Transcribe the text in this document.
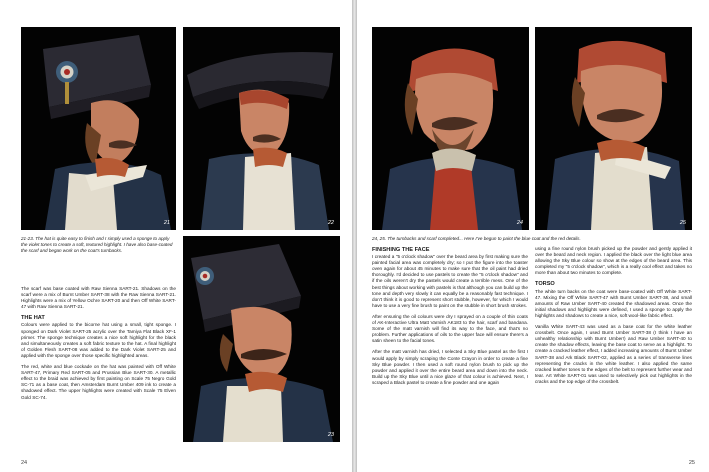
21	22
21-23. The hat is quite easy to finish and I simply used a sponge to apply the violet tones to create a soft, textured highlight. I have also base-coated the scarf and began work on the coat's turnbacks.
23

The scarf was base coated with Raw Sienna SART-21. Shadows on the scarf were a mix of Burnt Umber SART-38 with the Raw Sienna SART-21. Highlights were a mix of Yellow Ochre SART-20 and then Off White SART-47 with Raw Sienna SART-21.

THE HAT

Colours were applied to the bicorne hat using a small, tight sponge. I sponged on Dark Violet SART-25 acrylic over the Tamiya Flat Black XF-1 primer. The sponge technique creates a nice soft highlight for the black and simultaneously creates a soft fabric texture to the hat. A final highlight of Golden Flesh SART-08 was added to the Dark Violet SART-25 and applied with the sponge over those specific highlighted areas.

The red, white and blue cockade on the hat was painted with Off White SART-47, Primary Red SART-05 and Prussian Blue SART-30. A metallic effect to the braid was achieved by first painting on Scale 75 Negro Gold SC-71 as a base coat, then Amsterdam Burnt Umber 409 ink to create a shadowed effect. The upper highlights were created with Scale 75 Elven Gold SC-74.

24
24	25
24, 25. The turnbacks and scarf completed... Here I've begun to paint the blue coat and the red details.
FINISHING THE FACE

I created a "5 o'clock shadow" over the beard area by first making sure the painted facial area was completely dry; so I put the figure into the toaster oven again for about 45 minutes to make sure that the oil paint had dried thoroughly. I'd decided to use pastels to create the "5 o'clock shadow" and if the oils weren't dry the pastels would create a terrible mess. One of the best things about working with pastels is that although you can build up the tone and depth very slowly it can equally be a reasonably fast technique. I don't think it is good to represent short stubble, however, for which I would have to use a very fine brush to paint on the stubble in short brush strokes.

After ensuring the oil colours were dry I sprayed on a couple of thin coats of AK-Interactive Ultra Matt Varnish AK183 to the hair, scarf and bandana. Some of the matt varnish will find its way to the face, and that's no problem. Further applications of oils to the upper face will ensure there's a satin sheen to the facial tones.

After the matt varnish has dried, I selected a Sky Blue pastel as the first I would apply by simply scraping the Conte Crayon in order to create a fine Sky Blue powder. I then used a soft round nylon brush to pick up the powder and applied it over the entire beard area and down into the neck. Build up the Sky Blue until a nice glaze of that colour is achieved. Next, I scraped a Black pastel to create a fine powder and one again

using a fine round nylon brush picked up the powder and gently applied it over the beard and neck region. I applied the black over the light blue area allowing the Sky Blue colour so show at the edges of the beard area. This completed my "5 o'clock shadow", which is a really cool effect and takes no more than about two minutes to complete.

TORSO

The white turn backs on the coat were base-coated with Off White SART-47. Mixing the Off White SART-47 with Burnt Umber SART-38, and small amounts of Raw Umber SART-40 created the shadowed areas. Once the initial shadows and highlights were defined, I used a sponge to apply the highlights and shadows to create a nice, soft wool-like fabric effect.

Vanilla White SART-43 was used as a base coat for the white leather crossbelt. Once again, I used Burnt Umber SART-38 (I think I have an unhealthy relationship with Burnt Umber!) and Raw Umber SART-40 to create the shadow effects, leaving the base coat to serve as a highlight. To create a cracked leather effect, I added increasing amounts of Burnt Umber SART-38 and Ark Black SART-02, applied as a series of transverse lines representing the cracks in the white leather. I also applied the same cracked leather tones to the edges of the belt to represent further wear and tear. Art White SART-01 was used to selectively pick out highlights in the cracks and the top edge of the crossbelt.

25
